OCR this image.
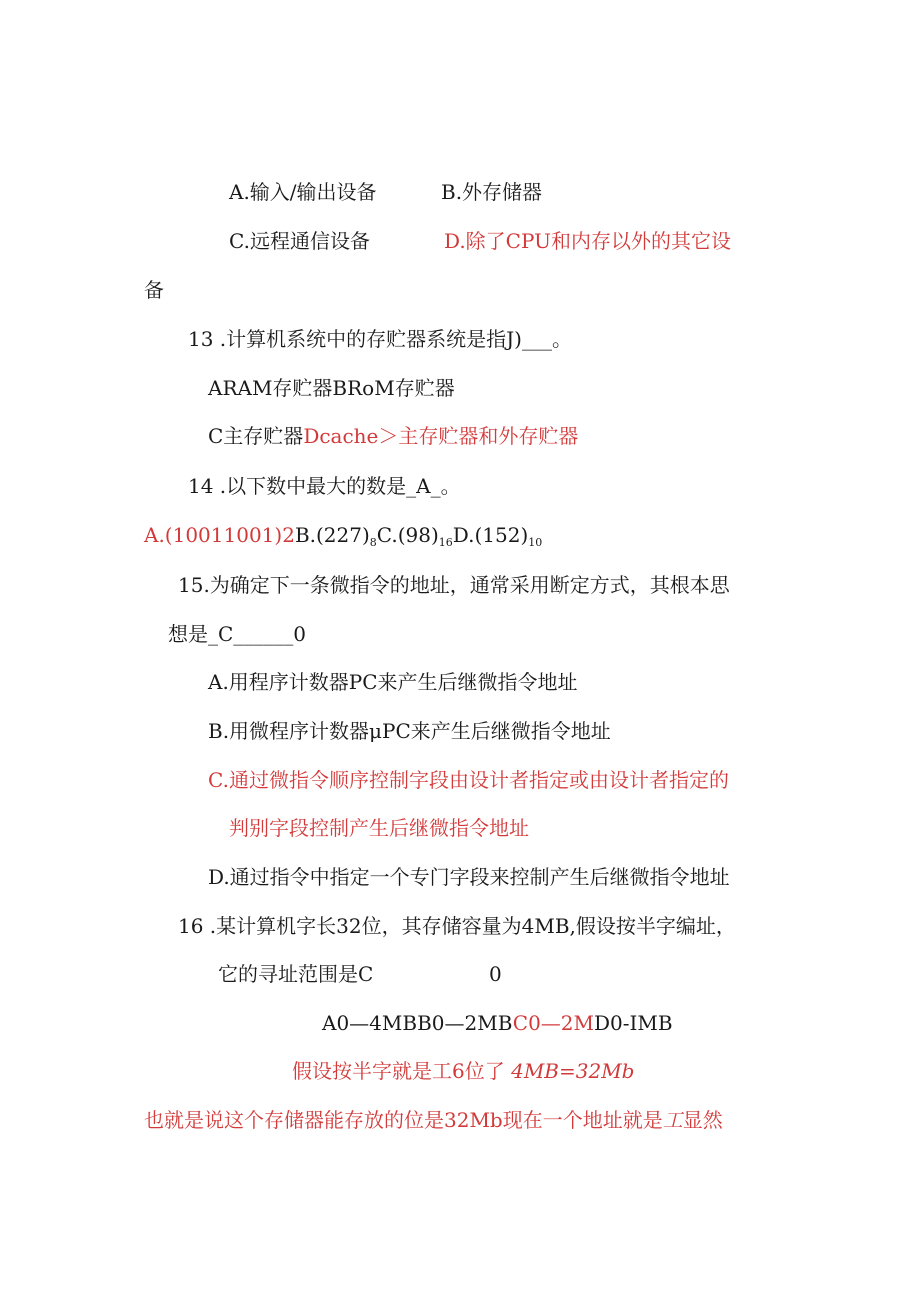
A.输入/输出设备	B.外存储器
C.远程通信设备	D.除了CPU和内存以外的其它设
备
13 .计算机系统中的存贮器系统是指J)___。
ARAM存贮器BRoM存贮器
C主存贮器Dcache＞主存贮器和外存贮器
14 .以下数中最大的数是_A_。
$A.(10011001)2B.(227)_8C.(98)_{16}D.(152)_{10}$
15.为确定下一条微指令的地址，通常采用断定方式，其根本思
想是_C______0
A.用程序计数器PC来产生后继微指令地址
B.用微程序计数器μPC来产生后继微指令地址
C.通过微指令顺序控制字段由设计者指定或由设计者指定的
判别字段控制产生后继微指令地址
D.通过指令中指定一个专门字段来控制产生后继微指令地址
16 .某计算机字长32位，其存储容量为4MB,假设按半字编址，
它的寻址范围是C	0
A0—4MBB0—2MBC0—2MD0-IMB
假设按半字就是工6位了 4MΒ=32Mb
也就是说这个存储器能存放的位是32Mb现在一个地址就是工显然
